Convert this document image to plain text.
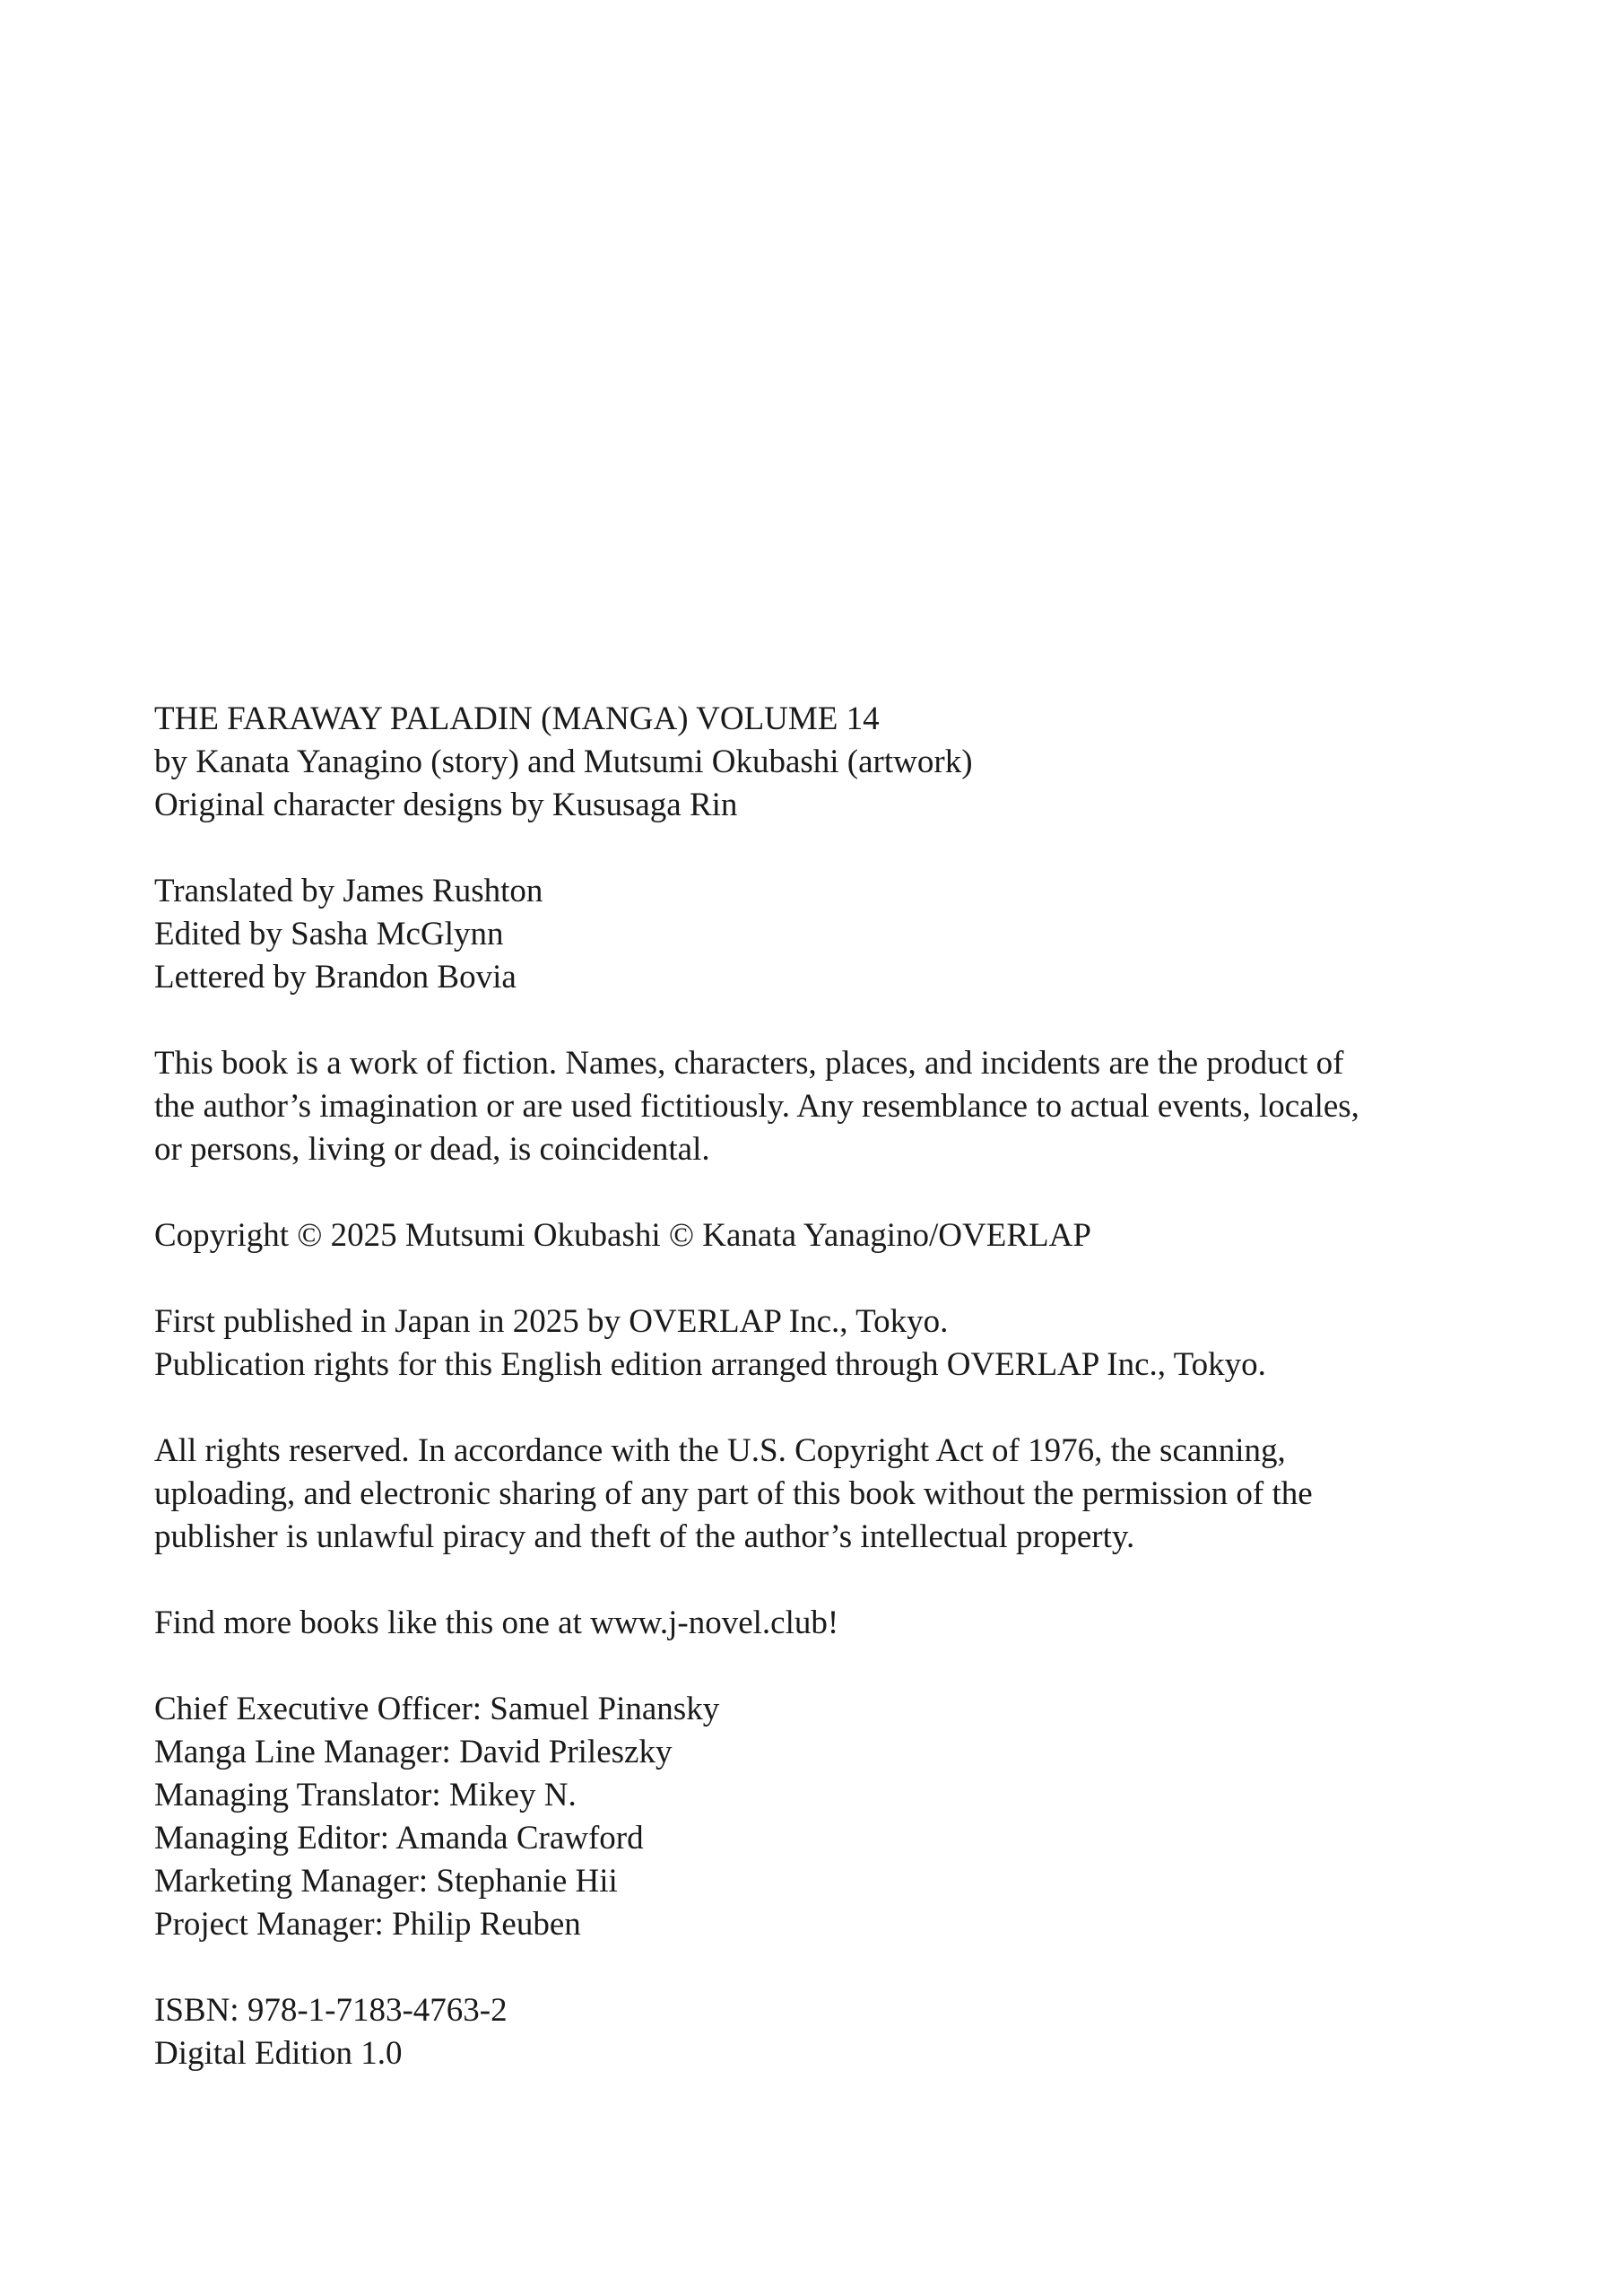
THE FARAWAY PALADIN (MANGA) VOLUME 14
by Kanata Yanagino (story) and Mutsumi Okubashi (artwork)
Original character designs by Kususaga Rin

Translated by James Rushton
Edited by Sasha McGlynn
Lettered by Brandon Bovia

This book is a work of fiction. Names, characters, places, and incidents are the product of
the author’s imagination or are used fictitiously. Any resemblance to actual events, locales,
or persons, living or dead, is coincidental.

Copyright © 2025 Mutsumi Okubashi © Kanata Yanagino/OVERLAP

First published in Japan in 2025 by OVERLAP Inc., Tokyo.
Publication rights for this English edition arranged through OVERLAP Inc., Tokyo.

All rights reserved. In accordance with the U.S. Copyright Act of 1976, the scanning,
uploading, and electronic sharing of any part of this book without the permission of the
publisher is unlawful piracy and theft of the author’s intellectual property.

Find more books like this one at www.j-novel.club!

Chief Executive Officer: Samuel Pinansky
Manga Line Manager: David Prileszky
Managing Translator: Mikey N.
Managing Editor: Amanda Crawford
Marketing Manager: Stephanie Hii
Project Manager: Philip Reuben

ISBN: 978-1-7183-4763-2
Digital Edition 1.0
